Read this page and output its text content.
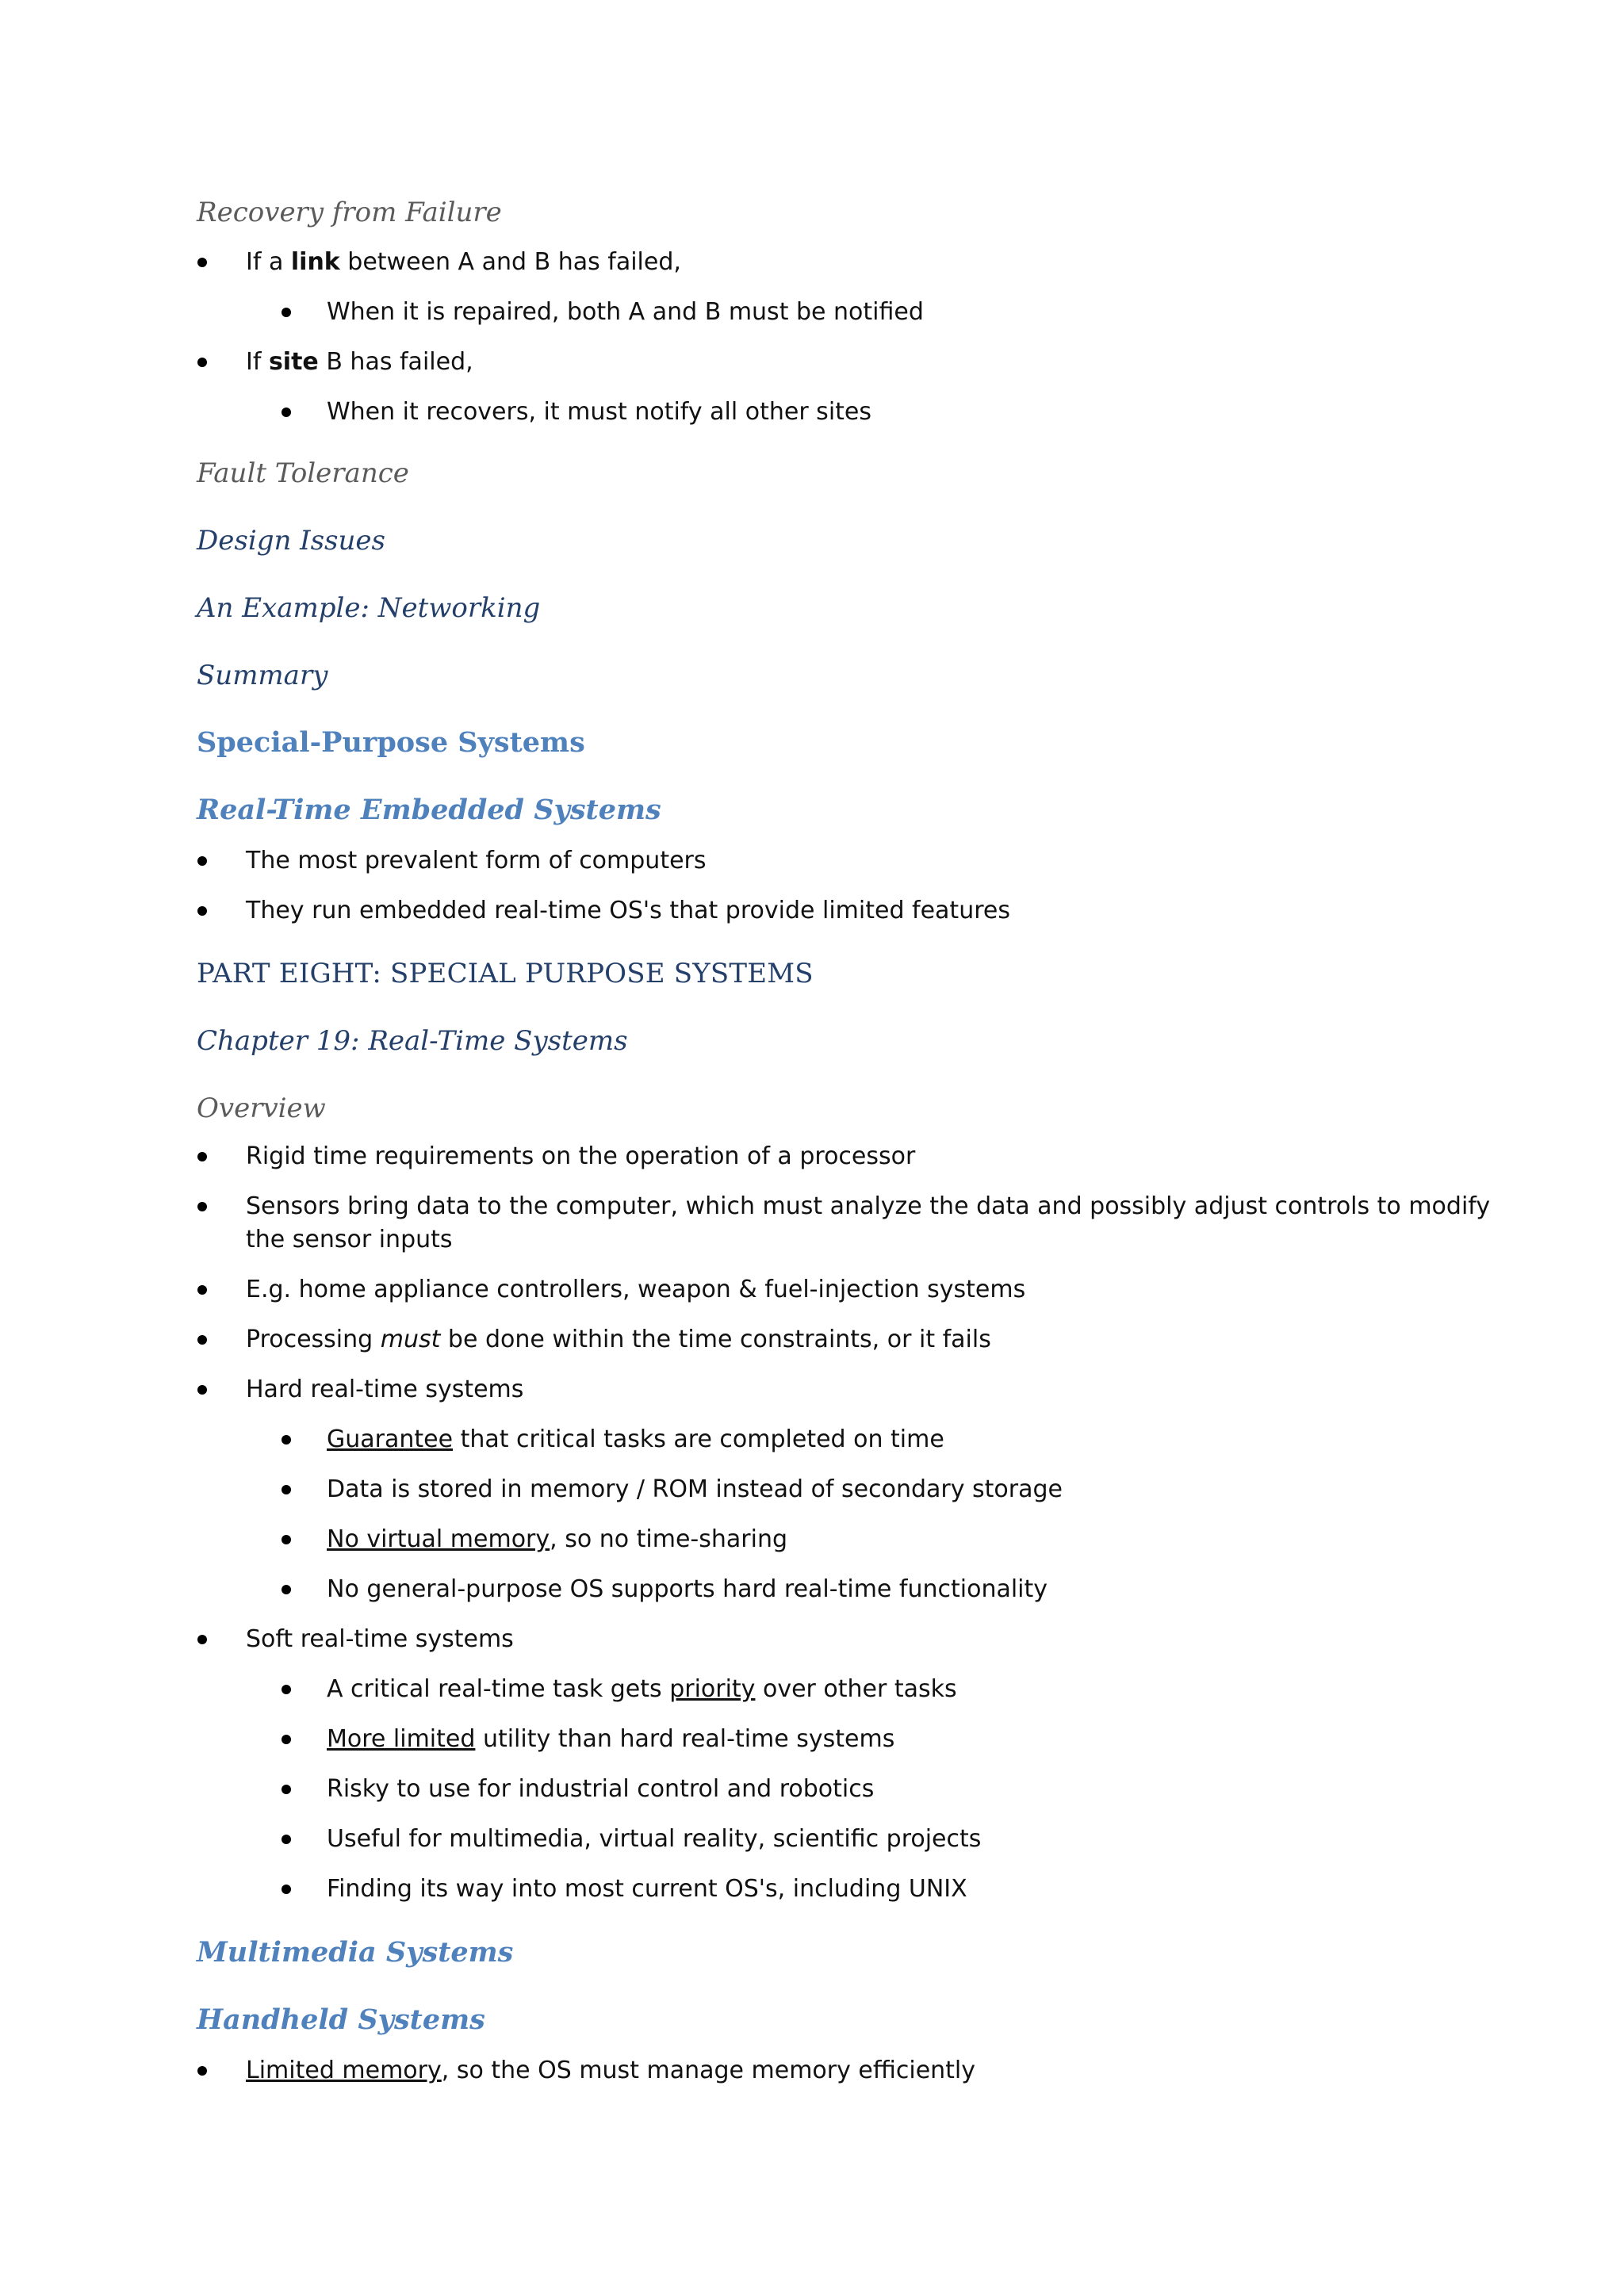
Recovery from Failure
If a link between A and B has failed,
When it is repaired, both A and B must be notified
If site B has failed,
When it recovers, it must notify all other sites
Fault Tolerance
Design Issues
An Example: Networking
Summary
Special-Purpose Systems
Real-Time Embedded Systems
The most prevalent form of computers
They run embedded real-time OS's that provide limited features
PART EIGHT: SPECIAL PURPOSE SYSTEMS
Chapter 19: Real-Time Systems
Overview
Rigid time requirements on the operation of a processor
Sensors bring data to the computer, which must analyze the data and possibly adjust controls to modify
the sensor inputs
E.g. home appliance controllers, weapon & fuel-injection systems
Processing must be done within the time constraints, or it fails
Hard real-time systems
Guarantee that critical tasks are completed on time
Data is stored in memory / ROM instead of secondary storage
No virtual memory, so no time-sharing
No general-purpose OS supports hard real-time functionality
Soft real-time systems
A critical real-time task gets priority over other tasks
More limited utility than hard real-time systems
Risky to use for industrial control and robotics
Useful for multimedia, virtual reality, scientific projects
Finding its way into most current OS's, including UNIX
Multimedia Systems
Handheld Systems
Limited memory, so the OS must manage memory efficiently
